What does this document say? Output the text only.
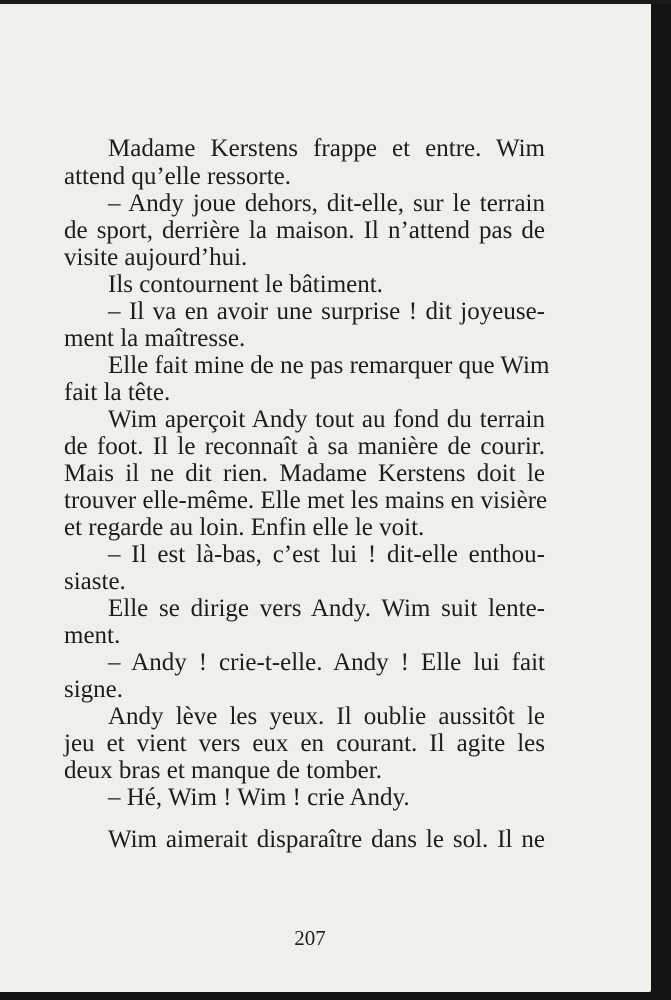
Madame Kerstens frappe et entre. Wim

attend qu’elle ressorte.

– Andy joue dehors, dit-elle, sur le terrain

de sport, derrière la maison. Il n’attend pas de

visite aujourd’hui.

Ils contournent le bâtiment.

– Il va en avoir une surprise ! dit joyeuse-

ment la maîtresse.

Elle fait mine de ne pas remarquer que Wim

fait la tête.

Wim aperçoit Andy tout au fond du terrain

de foot. Il le reconnaît à sa manière de courir.

Mais il ne dit rien. Madame Kerstens doit le

trouver elle-même. Elle met les mains en visière

et regarde au loin. Enfin elle le voit.

– Il est là-bas, c’est lui ! dit-elle enthou-

siaste.

Elle se dirige vers Andy. Wim suit lente-

ment.

– Andy ! crie-t-elle. Andy ! Elle lui fait

signe.

Andy lève les yeux. Il oublie aussitôt le

jeu et vient vers eux en courant. Il agite les

deux bras et manque de tomber.

– Hé, Wim ! Wim ! crie Andy.

Wim aimerait disparaître dans le sol. Il ne

207
